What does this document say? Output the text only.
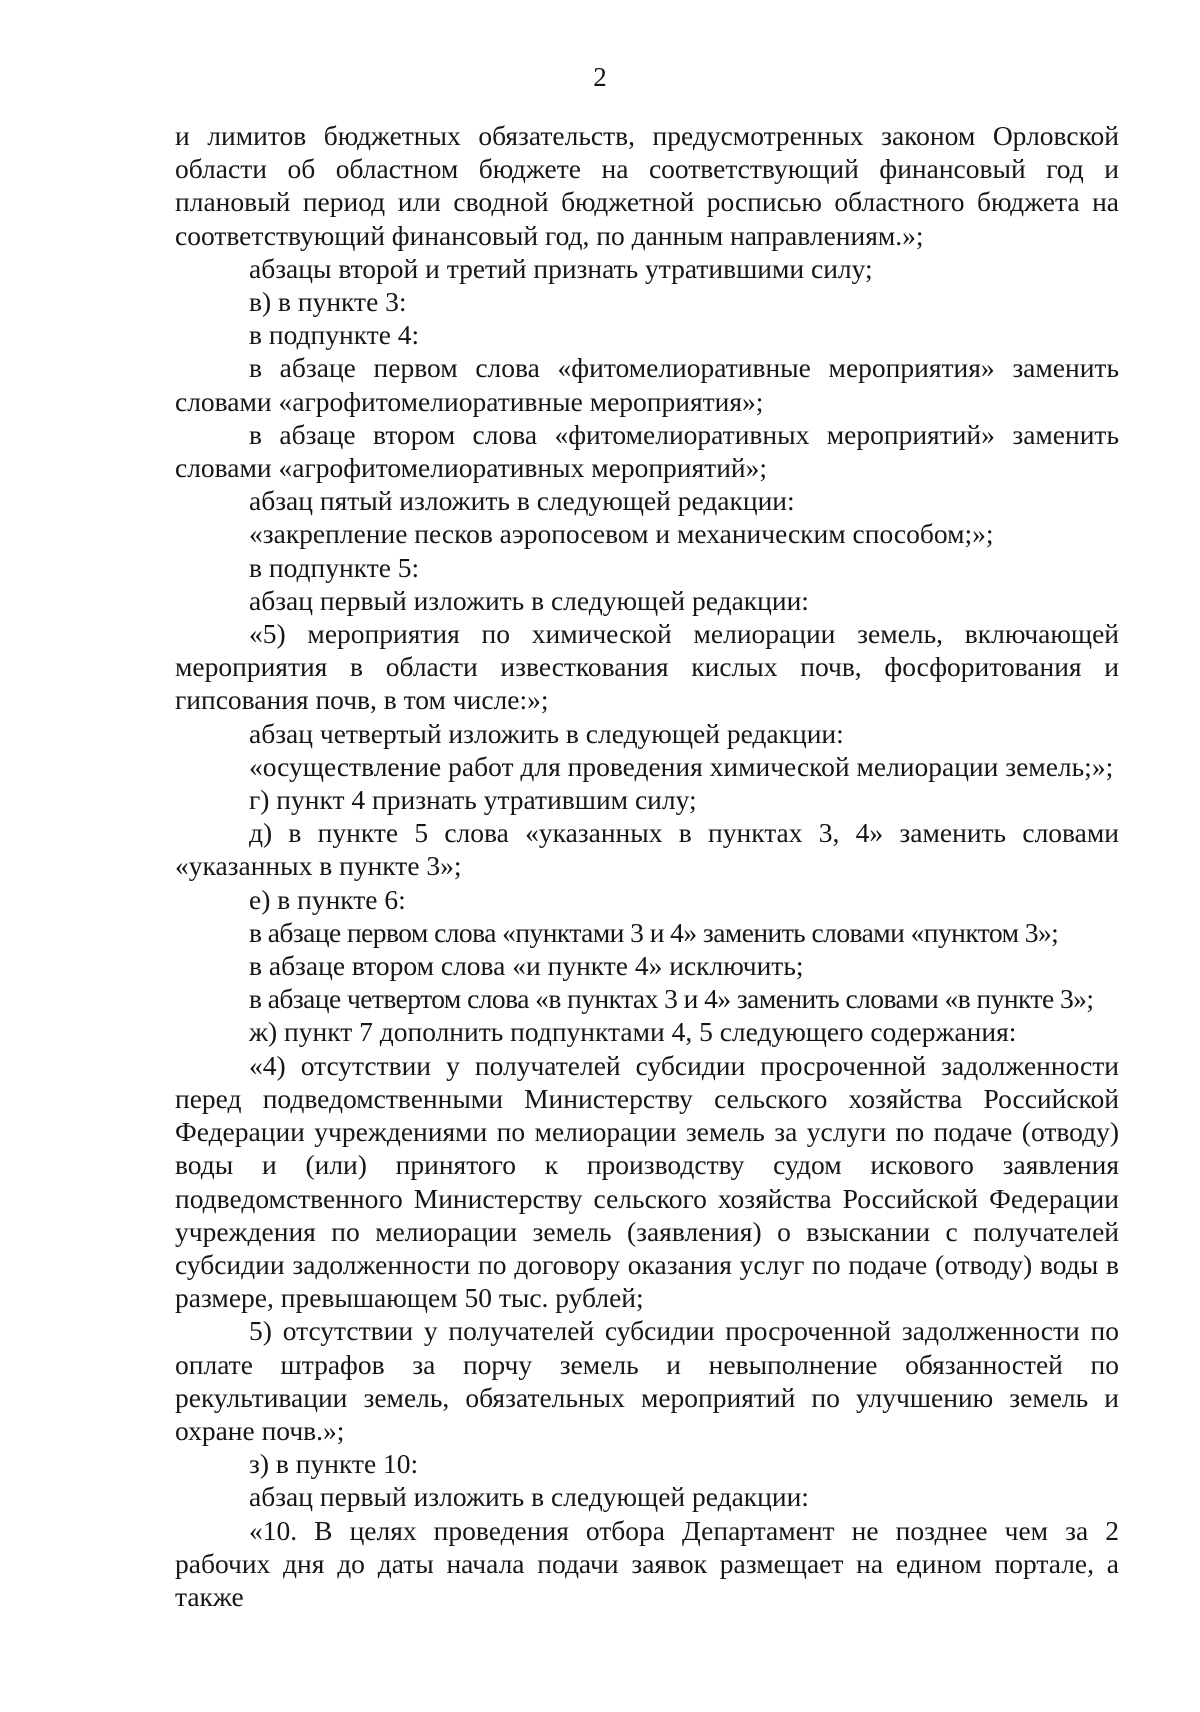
2

и лимитов бюджетных обязательств, предусмотренных законом Орловской области об областном бюджете на соответствующий финансовый год и плановый период или сводной бюджетной росписью областного бюджета на соответствующий финансовый год, по данным направлениям.»;

абзацы второй и третий признать утратившими силу;

в) в пункте 3:

в подпункте 4:

в абзаце первом слова «фитомелиоративные мероприятия» заменить словами «агрофитомелиоративные мероприятия»;

в абзаце втором слова «фитомелиоративных мероприятий» заменить словами «агрофитомелиоративных мероприятий»;

абзац пятый изложить в следующей редакции:

«закрепление песков аэропосевом и механическим способом;»;

в подпункте 5:

абзац первый изложить в следующей редакции:

«5) мероприятия по химической мелиорации земель, включающей мероприятия в области известкования кислых почв, фосфоритования и гипсования почв, в том числе:»;

абзац четвертый изложить в следующей редакции:

«осуществление работ для проведения химической мелиорации земель;»;

г) пункт 4 признать утратившим силу;

д) в пункте 5 слова «указанных в пунктах 3, 4» заменить словами «указанных в пункте 3»;

е) в пункте 6:

в абзаце первом слова «пунктами 3 и 4» заменить словами «пунктом 3»;

в абзаце втором слова «и пункте 4» исключить;

в абзаце четвертом слова «в пунктах 3 и 4» заменить словами «в пункте 3»;

ж) пункт 7 дополнить подпунктами 4, 5 следующего содержания:

«4) отсутствии у получателей субсидии просроченной задолженности перед подведомственными Министерству сельского хозяйства Российской Федерации учреждениями по мелиорации земель за услуги по подаче (отводу) воды и (или) принятого к производству судом искового заявления подведомственного Министерству сельского хозяйства Российской Федерации учреждения по мелиорации земель (заявления) о взыскании с получателей субсидии задолженности по договору оказания услуг по подаче (отводу) воды в размере, превышающем 50 тыс. рублей;

5) отсутствии у получателей субсидии просроченной задолженности по оплате штрафов за порчу земель и невыполнение обязанностей по рекультивации земель, обязательных мероприятий по улучшению земель и охране почв.»;

з) в пункте 10:

абзац первый изложить в следующей редакции:

«10. В целях проведения отбора Департамент не позднее чем за 2 рабочих дня до даты начала подачи заявок размещает на едином портале, а также
